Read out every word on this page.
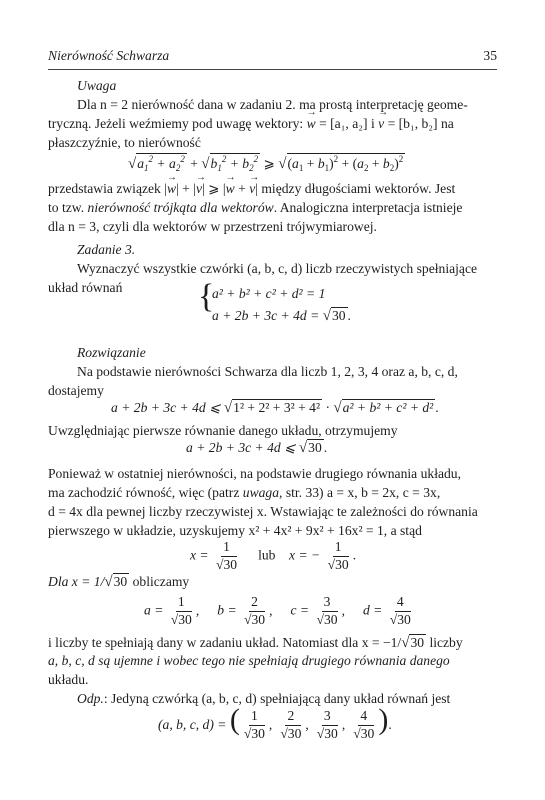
Nierówność Schwarza	35
Uwaga
Dla n = 2 nierówność dana w zadaniu 2. ma prostą interpretację geome-
tryczną. Jeżeli weźmiemy pod uwagę wektory: w → = [a₁, a₂] i v → = [b₁, b₂] na
płaszczyźnie, to nierówność
$√a_1^2 + a_2^2 + √b_1^2 + b_2^2$ ⩾ $√(a_1 + b_1)^2 + (a_2 + b_2)^2$
przedstawia związek |w →| + |v →| ⩾ |w → + v →| między długościami wektorów. Jest
to tzw. nierówność trójkąta dla wektorów. Analogiczna interpretacja istnieje
dla n = 3, czyli dla wektorów w przestrzeni trójwymiarowej.
Zadanie 3.
Wyznaczyć wszystkie czwórki (a, b, c, d) liczb rzeczywistych spełniające
układ równań {
a² + b² + c² + d² = 1
a + 2b + 3c + 4d = √30 .
Rozwiązanie
Na podstawie nierówności Schwarza dla liczb 1, 2, 3, 4 oraz a, b, c, d,
dostajemy
a + 2b + 3c + 4d ⩽ √1² + 2² + 3² + 4² · √a² + b² + c² + d² .
Uwzględniając pierwsze równanie danego układu, otrzymujemy
a + 2b + 3c + 4d ⩽ √30 .
Ponieważ w ostatniej nierówności, na podstawie drugiego równania układu,
ma zachodzić równość, więc (patrz uwaga, str. 33) a = x, b = 2x, c = 3x,
d = 4x dla pewnej liczby rzeczywistej x. Wstawiając te zależności do równania
pierwszego w układzie, uzyskujemy x² + 4x² + 9x² + 16x² = 1, a stąd
$x = \frac{1}{√30}$ lub x = − $\frac{1}{√30}$ .
Dla x = 1/√30 obliczamy
$a = \frac{1}{√30}$ , $b = \frac{2}{√30}$ , $c = \frac{3}{√30}$ , $d = \frac{4}{√30}$
i liczby te spełniają dany w zadaniu układ. Natomiast dla x = −1/√30 liczby
a, b, c, d są ujemne i wobec tego nie spełniają drugiego równania danego
układu.
Odp.: Jedyną czwórką (a, b, c, d) spełniającą dany układ równań jest
(a, b, c, d) = ( $\frac{1}{√30}$ , $\frac{2}{√30}$ , $\frac{3}{√30}$ , $\frac{4}{√30}$ ).
